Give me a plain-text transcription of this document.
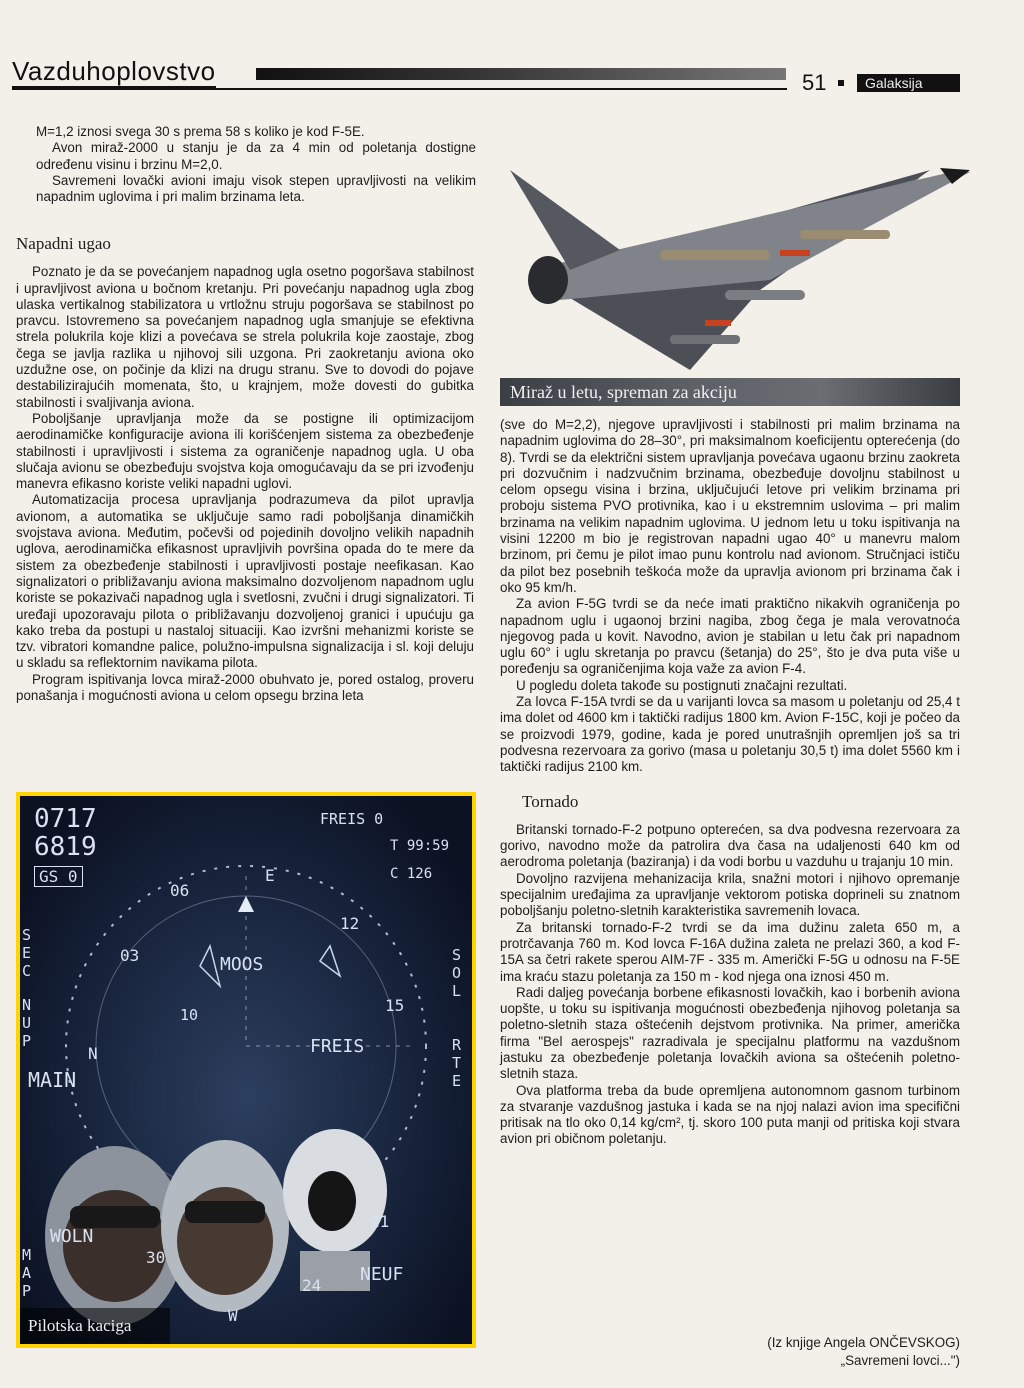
Vazduhoplovstvo	51	Galaksija

M=1,2 iznosi svega 30 s prema 58 s koliko je kod F-5E.

Avon miraž-2000 u stanju je da za 4 min od poletanja dostigne određenu visinu i brzinu M=2,0.

Savremeni lovački avioni imaju visok stepen upravljivosti na velikim napadnim uglovima i pri malim brzinama leta.

Napadni ugao

Poznato je da se povećanjem napadnog ugla osetno pogoršava stabilnost i upravljivost aviona u bočnom kretanju. Pri povećanju napadnog ugla zbog ulaska vertikalnog stabilizatora u vrtložnu struju pogoršava se stabilnost po pravcu. Istovremeno sa povećanjem napadnog ugla smanjuje se efektivna strela polukrila koje klizi a povećava se strela polukrila koje zaostaje, zbog čega se javlja razlika u njihovoj sili uzgona. Pri zaokretanju aviona oko uzdužne ose, on počinje da klizi na drugu stranu. Sve to dovodi do pojave destabilizirajućih momenata, što, u krajnjem, može dovesti do gubitka stabilnosti i svaljivanja aviona.

Poboljšanje upravljanja može da se postigne ili optimizacijom aerodinamičke konfiguracije aviona ili korišćenjem sistema za obezbeđenje stabilnosti i upravljivosti i sistema za ograničenje napadnog ugla. U oba slučaja avionu se obezbeđuju svojstva koja omogućavaju da se pri izvođenju manevra efikasno koriste veliki napadni uglovi.

Automatizacija procesa upravljanja podrazumeva da pilot upravlja avionom, a automatika se uključuje samo radi poboljšanja dinamičkih svojstava aviona. Međutim, počevši od pojedinih dovoljno velikih napadnih uglova, aerodinamička efikasnost upravljivih površina opada do te mere da sistem za obezbeđenje stabilnosti i upravljivosti postaje neefikasan. Kao signalizatori o približavanju aviona maksimalno dozvoljenom napadnom uglu koriste se pokazivači napadnog ugla i svetlosni, zvučni i drugi signalizatori. Ti uređaji upozoravaju pilota o približavanju dozvoljenoj granici i upućuju ga kako treba da postupi u nastaloj situaciji. Kao izvršni mehanizmi koriste se tzv. vibratori komandne palice, polužno-impulsna signalizacija i sl. koji deluju u skladu sa reflektornim navikama pilota.

Program ispitivanja lovca miraž-2000 obuhvato je, pored ostalog, proveru ponašanja i mogućnosti aviona u celom opsegu brzina leta

Miraž u letu, spreman za akciju

(sve do M=2,2), njegove upravljivosti i stabilnosti pri malim brzinama na napadnim uglovima do 28–30°, pri maksimalnom koeficijentu opterećenja (do 8). Tvrdi se da električni sistem upravljanja povećava ugaonu brzinu zaokreta pri dozvučnim i nadzvučnim brzinama, obezbeđuje dovoljnu stabilnost u celom opsegu visina i brzina, uključujući letove pri velikim brzinama pri proboju sistema PVO protivnika, kao i u ekstremnim uslovima – pri malim brzinama na velikim napadnim uglovima. U jednom letu u toku ispitivanja na visini 12200 m bio je registrovan napadni ugao 40° u manevru malom brzinom, pri čemu je pilot imao punu kontrolu nad avionom. Stručnjaci ističu da pilot bez posebnih teškoća može da upravlja avionom pri brzinama čak i oko 95 km/h.

Za avion F-5G tvrdi se da neće imati praktično nikakvih ograničenja po napadnom uglu i ugaonoj brzini nagiba, zbog čega je mala verovatnoća njegovog pada u kovit. Navodno, avion je stabilan u letu čak pri napadnom uglu 60° i uglu skretanja po pravcu (šetanja) do 25°, što je dva puta više u poređenju sa ograničenjima koja važe za avion F-4.

U pogledu doleta takođe su postignuti značajni rezultati.

Za lovca F-15A tvrdi se da u varijanti lovca sa masom u poletanju od 25,4 t ima dolet od 4600 km i taktički radijus 1800 km. Avion F-15C, koji je počeo da se proizvodi 1979, godine, kada je pored unutrašnjih opremljen još sa tri podvesna rezervoara za gorivo (masa u poletanju 30,5 t) ima dolet 5560 km i taktički radijus 2100 km.

Tornado

Britanski tornado-F-2 potpuno opterećen, sa dva podvesna rezervoara za gorivo, navodno može da patrolira dva časa na udaljenosti 640 km od aerodroma poletanja (baziranja) i da vodi borbu u vazduhu u trajanju 10 min.

Dovoljno razvijena mehanizacija krila, snažni motori i njihovo opremanje specijalnim uređajima za upravljanje vektorom potiska doprineli su znatnom poboljšanju poletno-sletnih karakteristika savremenih lovaca.

Za britanski tornado-F-2 tvrdi se da ima dužinu zaleta 650 m, a protrčavanja 760 m. Kod lovca F-16A dužina zaleta ne prelazi 360, a kod F-15A sa četri rakete sperou AIM-7F - 335 m. Američki F-5G u odnosu na F-5E ima kraću stazu poletanja za 150 m - kod njega ona iznosi 450 m.

Radi daljeg povećanja borbene efikasnosti lovačkih, kao i borbenih aviona uopšte, u toku su ispitivanja mogućnosti obezbeđenja njihovog poletanja sa poletno-sletnih staza oštećenih dejstvom protivnika. Na primer, američka firma "Bel aerospejs" razradivala je specijalnu platformu na vazdušnom jastuku za obezbeđenje poletanja lovačkih aviona sa oštećenih poletno-sletnih staza.

Ova platforma treba da bude opremljena autonomnom gasnom turbinom za stvaranje vazdušnog jastuka i kada se na njoj nalazi avion ima specifični pritisak na tlo oko 0,14 kg/cm², tj. skoro 100 puta manji od pritiska koji stvara avion pri običnom poletanju.

(Iz knjige Angela ONČEVSKOG)
„Savremeni lovci...")
0717
6819
GS 0
FREIS 0
T 99:59
C 126
SEC
NUP
SOL
RTE
MOOS
FREIS
MAIN
WOLN
MAP
NEUF
06
03
10
12
15
21
24
30
E
N
W
Pilotska kaciga
